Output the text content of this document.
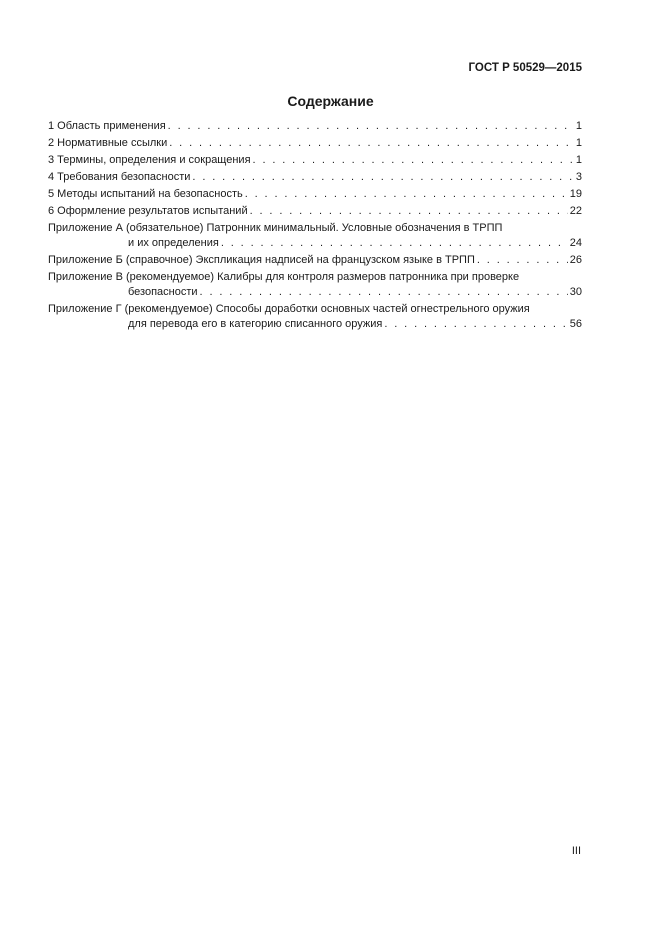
ГОСТ Р 50529—2015
Содержание
1 Область применения . . .	1
2 Нормативные ссылки . . .	1
3 Термины, определения и сокращения . . .	1
4 Требования безопасности . . .	3
5 Методы испытаний на безопасность . . .	19
6 Оформление результатов испытаний . . .	22
Приложение А (обязательное) Патронник минимальный. Условные обозначения в ТРПП
и их определения . . .	24
Приложение Б (справочное) Экспликация надписей на французском языке в ТРПП . . .	26
Приложение В (рекомендуемое) Калибры для контроля размеров патронника при проверке
безопасности . . .	30
Приложение Г (рекомендуемое) Способы доработки основных частей огнестрельного оружия
для перевода его в категорию списанного оружия . . .	56
III
